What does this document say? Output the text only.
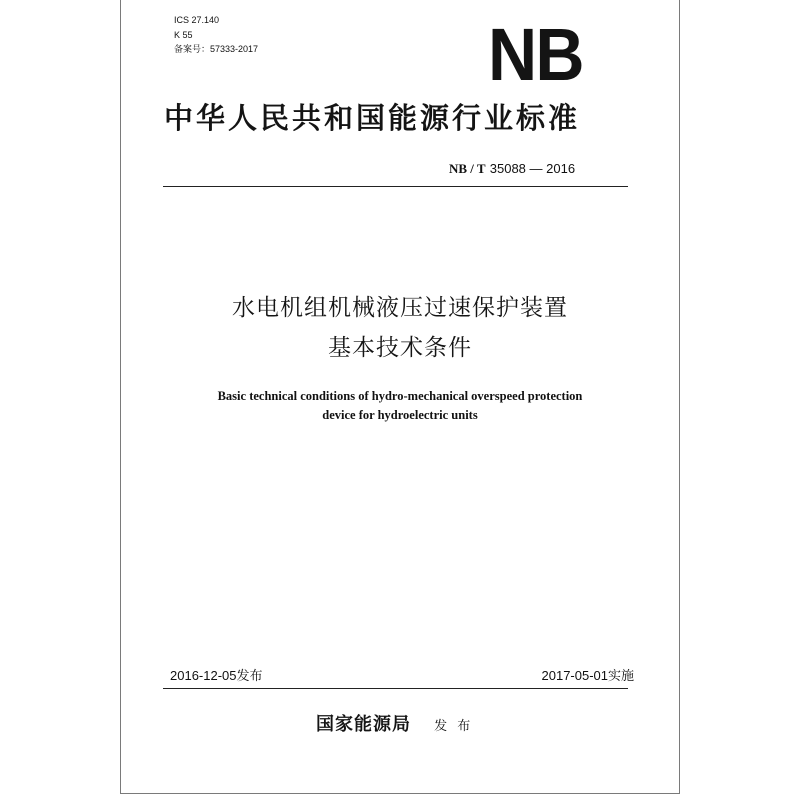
ICS 27.140
K 55
备案号：57333-2017	NB
中华人民共和国能源行业标准
NB / T 35088 — 2016
水电机组机械液压过速保护装置
基本技术条件
Basic technical conditions of hydro-mechanical overspeed protection
device for hydroelectric units
2016-12-05发布	2017-05-01实施
国家能源局 发 布
